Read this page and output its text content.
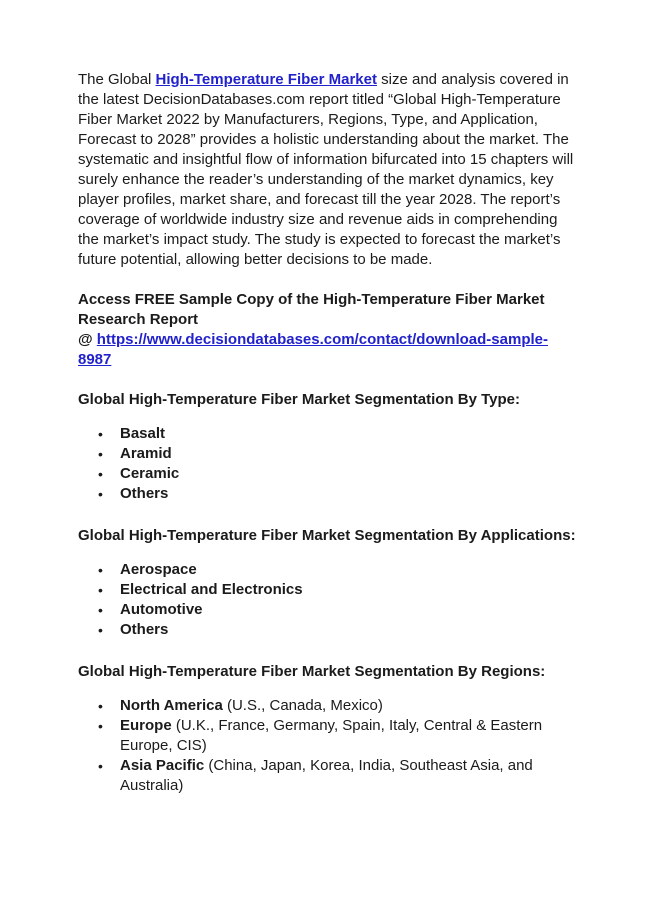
The Global High-Temperature Fiber Market size and analysis covered in the latest DecisionDatabases.com report titled “Global High-Temperature Fiber Market 2022 by Manufacturers, Regions, Type, and Application, Forecast to 2028” provides a holistic understanding about the market. The systematic and insightful flow of information bifurcated into 15 chapters will surely enhance the reader’s understanding of the market dynamics, key player profiles, market share, and forecast till the year 2028. The report’s coverage of worldwide industry size and revenue aids in comprehending the market’s impact study. The study is expected to forecast the market’s future potential, allowing better decisions to be made.

Access FREE Sample Copy of the High-Temperature Fiber Market Research Report
@ https://www.decisiondatabases.com/contact/download-sample-8987

Global High-Temperature Fiber Market Segmentation By Type:
• Basalt
• Aramid
• Ceramic
• Others
Global High-Temperature Fiber Market Segmentation By Applications:
• Aerospace
• Electrical and Electronics
• Automotive
• Others
Global High-Temperature Fiber Market Segmentation By Regions:
• North America (U.S., Canada, Mexico)
• Europe (U.K., France, Germany, Spain, Italy, Central & Eastern Europe, CIS)
• Asia Pacific (China, Japan, Korea, India, Southeast Asia, and Australia)
